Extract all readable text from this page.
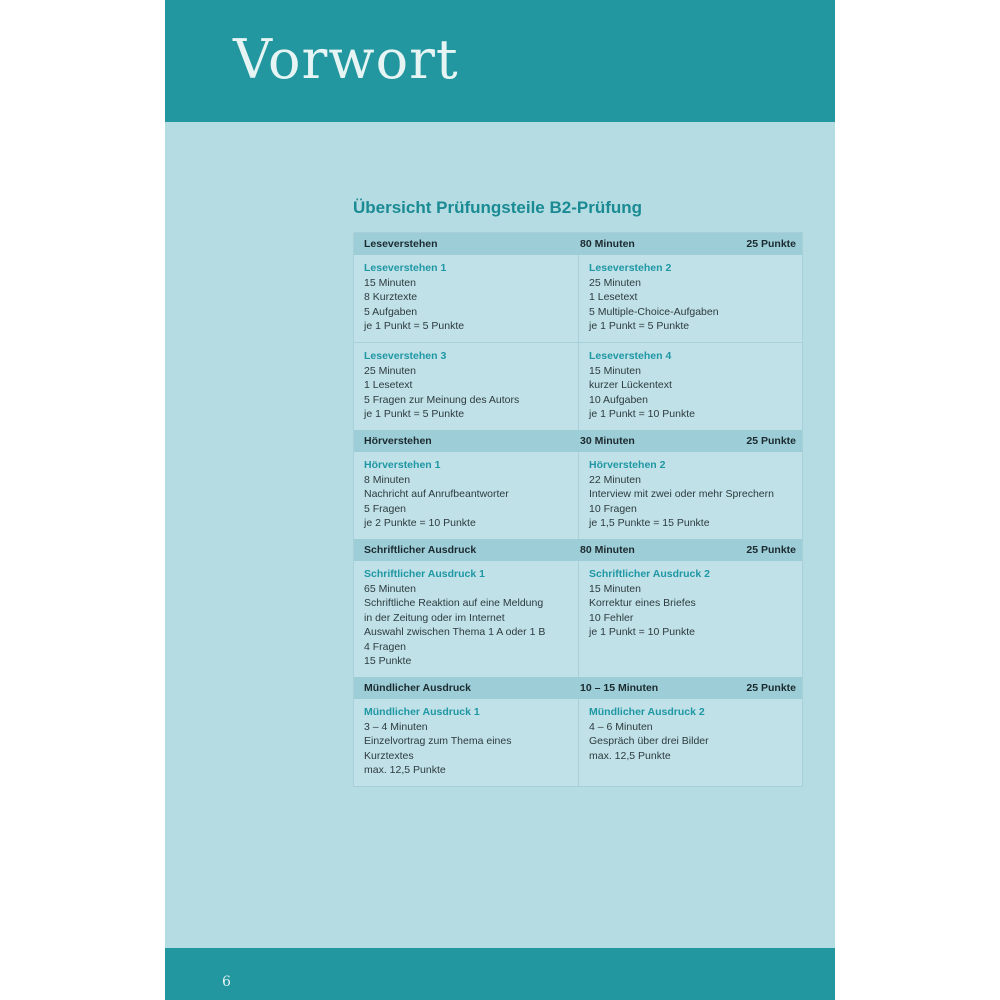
Vorwort
Übersicht Prüfungsteile B2-Prüfung
Leseverstehen	80 Minuten	25 Punkte
Leseverstehen 1
15 Minuten
8 Kurztexte
5 Aufgaben
je 1 Punkt = 5 Punkte
Leseverstehen 2
25 Minuten
1 Lesetext
5 Multiple-Choice-Aufgaben
je 1 Punkt = 5 Punkte
Leseverstehen 3
25 Minuten
1 Lesetext
5 Fragen zur Meinung des Autors
je 1 Punkt = 5 Punkte
Leseverstehen 4
15 Minuten
kurzer Lückentext
10 Aufgaben
je 1 Punkt = 10 Punkte
Hörverstehen	30 Minuten	25 Punkte
Hörverstehen 1
8 Minuten
Nachricht auf Anrufbeantworter
5 Fragen
je 2 Punkte = 10 Punkte
Hörverstehen 2
22 Minuten
Interview mit zwei oder mehr Sprechern
10 Fragen
je 1,5 Punkte = 15 Punkte
Schriftlicher Ausdruck	80 Minuten	25 Punkte
Schriftlicher Ausdruck 1
65 Minuten
Schriftliche Reaktion auf eine Meldung
in der Zeitung oder im Internet
Auswahl zwischen Thema 1 A oder 1 B
4 Fragen
15 Punkte
Schriftlicher Ausdruck 2
15 Minuten
Korrektur eines Briefes
10 Fehler
je 1 Punkt = 10 Punkte
Mündlicher Ausdruck	10 – 15 Minuten	25 Punkte
Mündlicher Ausdruck 1
3 – 4 Minuten
Einzelvortrag zum Thema eines
Kurztextes
max. 12,5 Punkte
Mündlicher Ausdruck 2
4 – 6 Minuten
Gespräch über drei Bilder
max. 12,5 Punkte
6
